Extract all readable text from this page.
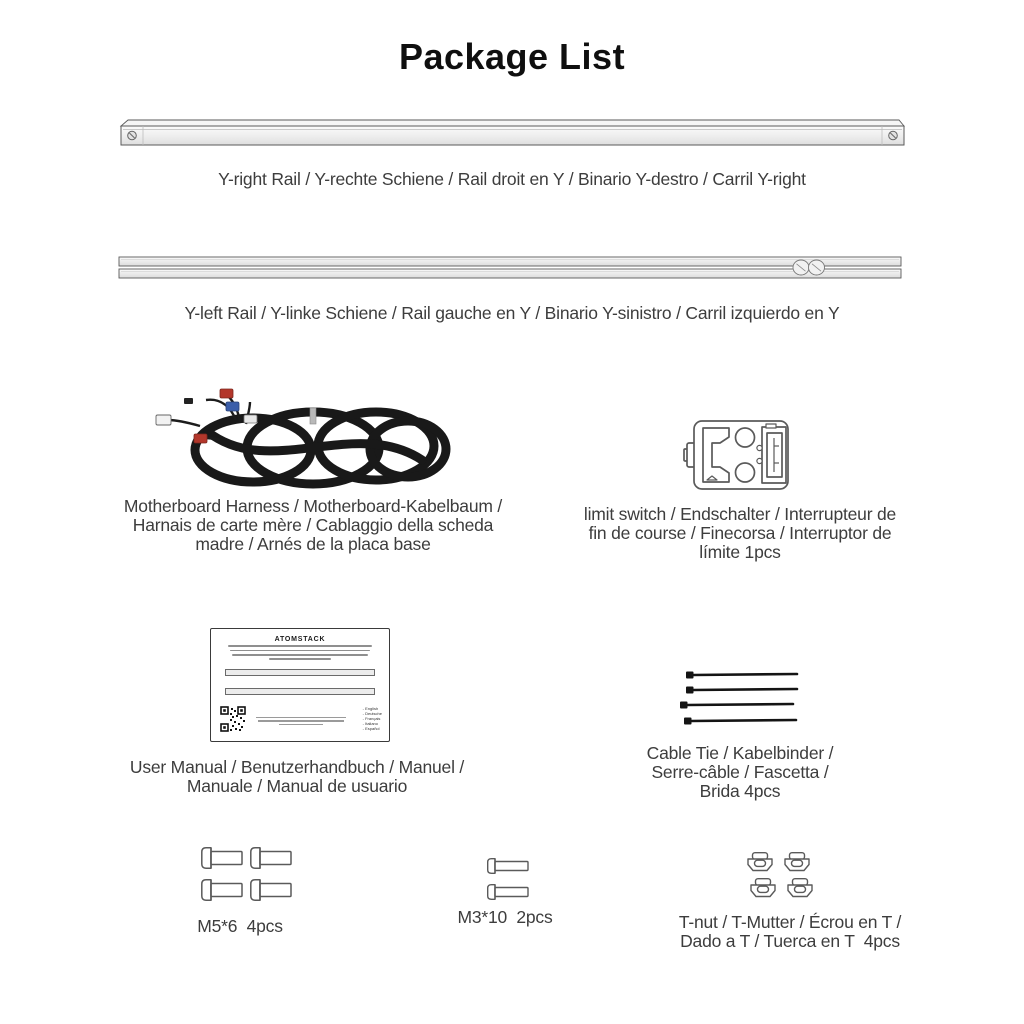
Package List
Y-right Rail / Y-rechte Schiene / Rail droit en Y / Binario Y-destro / Carril Y-right
Y-left Rail / Y-linke Schiene / Rail gauche en Y / Binario Y-sinistro / Carril izquierdo en Y
Motherboard Harness / Motherboard-Kabelbaum /
Harnais de carte mère / Cablaggio della scheda
madre / Arnés de la placa base
limit switch / Endschalter / Interrupteur de
fin de course / Finecorsa / Interruptor de
límite 1pcs
ATOMSTACK
- English
- Deutsche
- Français
- Italiano
- Español
User Manual / Benutzerhandbuch / Manuel /
Manuale / Manual de usuario
Cable Tie / Kabelbinder /
Serre-câble / Fascetta /
Brida 4pcs
M5*6  4pcs	M3*10  2pcs	T-nut / T-Mutter / Écrou en T /
Dado a T / Tuerca en T  4pcs
